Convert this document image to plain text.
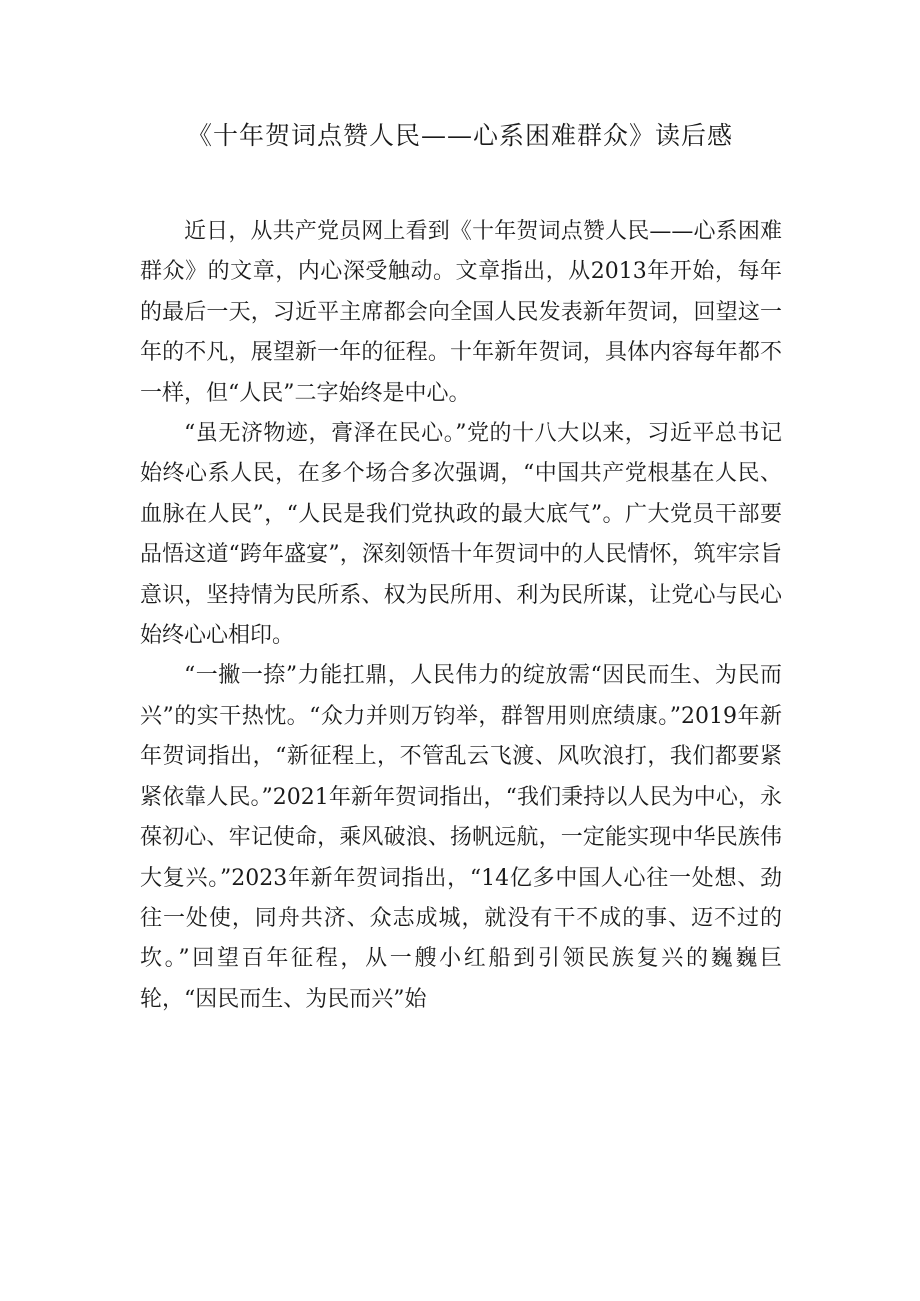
《十年贺词点赞人民——心系困难群众》读后感

近日，从共产党员网上看到《十年贺词点赞人民——心系困难群众》的文章，内心深受触动。文章指出，从2013年开始，每年的最后一天，习近平主席都会向全国人民发表新年贺词，回望这一年的不凡，展望新一年的征程。十年新年贺词，具体内容每年都不一样，但“人民”二字始终是中心。

“虽无济物迹，膏泽在民心。”党的十八大以来，习近平总书记始终心系人民，在多个场合多次强调，“中国共产党根基在人民、血脉在人民”，“人民是我们党执政的最大底气”。广大党员干部要品悟这道“跨年盛宴”，深刻领悟十年贺词中的人民情怀，筑牢宗旨意识，坚持情为民所系、权为民所用、利为民所谋，让党心与民心始终心心相印。

“一撇一捺”力能扛鼎，人民伟力的绽放需“因民而生、为民而兴”的实干热忱。“众力并则万钧举，群智用则庶绩康。”2019年新年贺词指出，“新征程上，不管乱云飞渡、风吹浪打，我们都要紧紧依靠人民。”2021年新年贺词指出，“我们秉持以人民为中心，永葆初心、牢记使命，乘风破浪、扬帆远航，一定能实现中华民族伟大复兴。”2023年新年贺词指出，“14亿多中国人心往一处想、劲往一处使，同舟共济、众志成城，就没有干不成的事、迈不过的坎。”回望百年征程，从一艘小红船到引领民族复兴的巍巍巨轮，“因民而生、为民而兴”始
